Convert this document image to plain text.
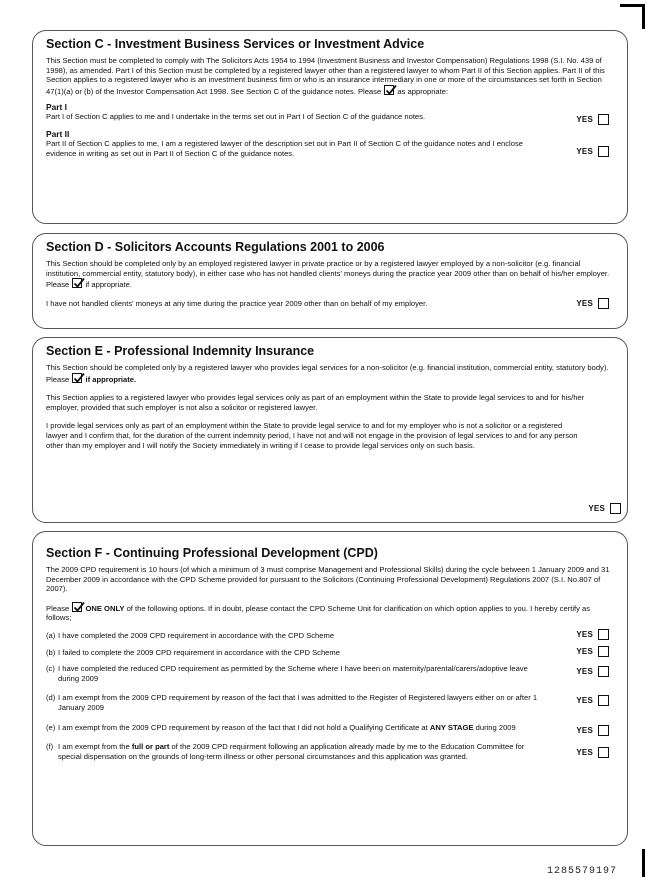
Section C - Investment Business Services or Investment Advice

This Section must be completed to comply with The Solicitors Acts 1954 to 1994 (Investment Business and Investor Compensation) Regulations 1998 (S.I. No. 439 of 1998), as amended. Part I of this Section must be completed by a registered lawyer other than a registered lawyer to whom Part II of this Section applies. Part II of this Section applies to a registered lawyer who is an investment business firm or who is an insurance intermediary in one or more of the circumstances set forth in Section 47(1)(a) or (b) of the Investor Compensation Act 1998. See Section C of the guidance notes. Please as appropriate:

Part I

Part I of Section C applies to me and I undertake in the terms set out in Part I of Section C of the guidance notes.	YES
Part II

Part II of Section C applies to me, I am a registered lawyer of the description set out in Part II of Section C of the guidance notes and I enclose evidence in writing as set out in Part II of Section C of the guidance notes.	YES
Section D - Solicitors Accounts Regulations 2001 to 2006

This Section should be completed only by an employed registered lawyer in private practice or by a registered lawyer employed by a non-solicitor (e.g. financial institution, commercial entity, statutory body), in either case who has not handled clients' moneys during the practice year 2009 other than on behalf of his/her employer. Please if appropriate.

I have not handled clients' moneys at any time during the practice year 2009 other than on behalf of my employer.	YES
Section E - Professional Indemnity Insurance

This Section should be completed only by a registered lawyer who provides legal services for a non-solicitor (e.g. financial institution, commercial entity, statutory body). Please if appropriate.

This Section applies to a registered lawyer who provides legal services only as part of an employment within the State to provide legal services to and for his/her employer, provided that such employer is not also a solicitor or registered lawyer.

I provide legal services only as part of an employment within the State to provide legal service to and for my employer who is not a solicitor or a registered lawyer and I confirm that, for the duration of the current indemnity period, I have not and will not engage in the provision of legal services to and for any person other than my employer and I will notify the Society immediately in writing if I cease to provide legal services only on such basis.

YES
Section F - Continuing Professional Development (CPD)

The 2009 CPD requirement is 10 hours (of which a minimum of 3 must comprise Management and Professional Skills) during the cycle between 1 January 2009 and 31 December 2009 in accordance with the CPD Scheme provided for pursuant to the Solicitors (Continuing Professional Development) Regulations 2007 (S.I. No.807 of 2007).

Please ONE ONLY of the following options. If in doubt, please contact the CPD Scheme Unit for clarification on which option applies to you. I hereby certify as follows;

(a) I have completed the 2009 CPD requirement in accordance with the CPD Scheme	YES
(b) I failed to complete the 2009 CPD requirement in accordance with the CPD Scheme	YES
(c) I have completed the reduced CPD requirement as permitted by the Scheme where I have been on maternity/parental/carers/adoptive leave during 2009

YES
(d) I am exempt from the 2009 CPD requirement by reason of the fact that I was admitted to the Register of Registered lawyers either on or after 1 January 2009

YES
(e) I am exempt from the 2009 CPD requirement by reason of the fact that I did not hold a Qualifying Certificate at ANY STAGE during 2009	YES
(f) I am exempt from the full or part of the 2009 CPD requirment following an application already made by me to the Education Committee for special dispensation on the grounds of long-term illness or other personal circumstances and this application was granted.	YES
1285579197
